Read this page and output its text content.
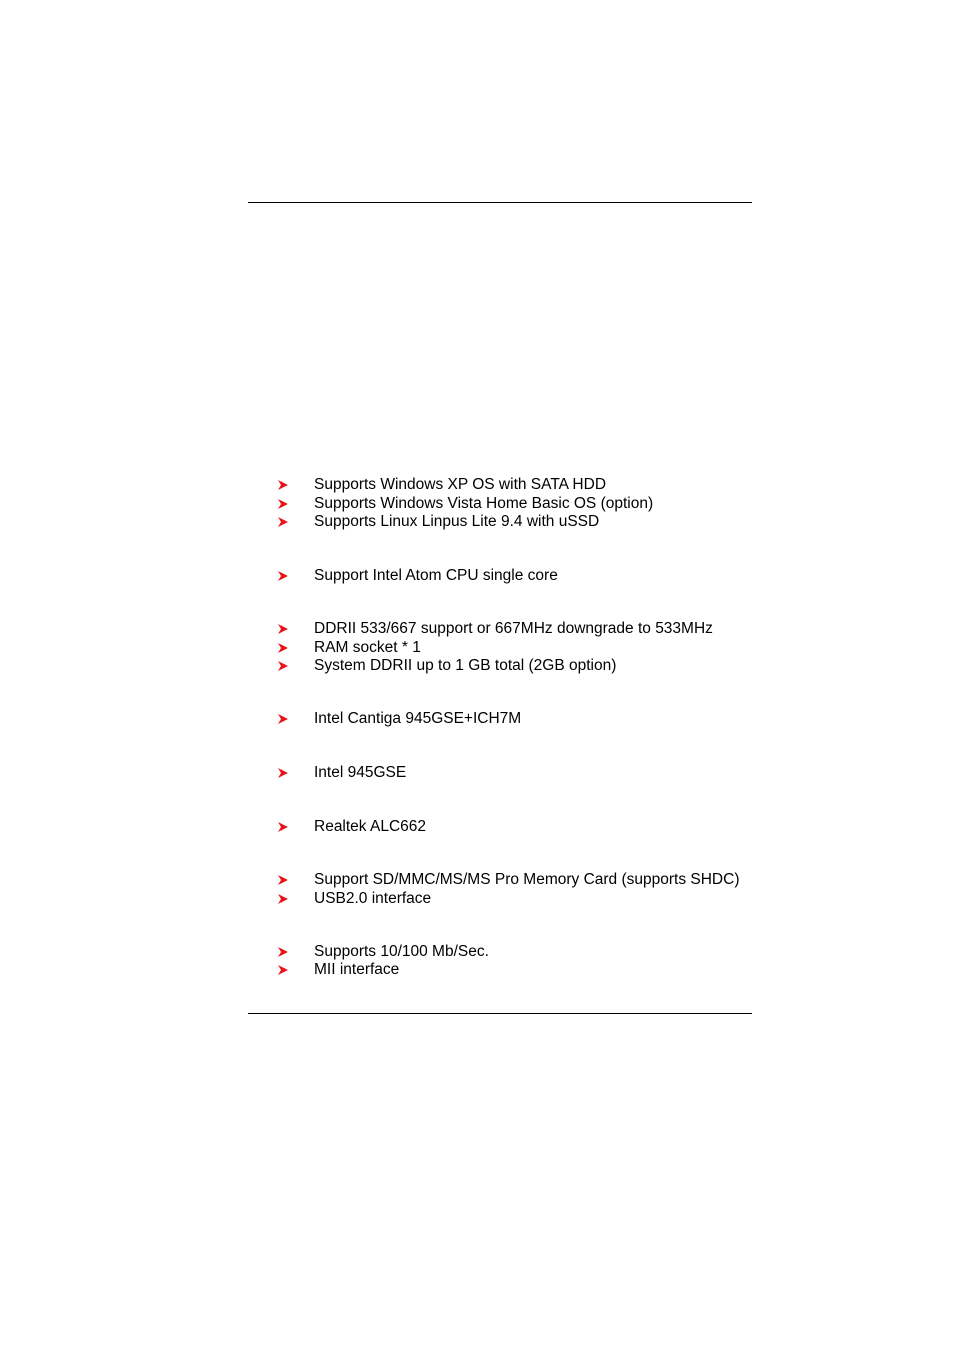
Supports Windows XP OS with SATA HDD
Supports Windows Vista Home Basic OS (option)
Supports Linux Linpus Lite 9.4 with uSSD
Support Intel Atom CPU single core
DDRII 533/667 support or 667MHz downgrade to 533MHz
RAM socket * 1
System DDRII up to 1 GB total (2GB option)
Intel Cantiga 945GSE+ICH7M
Intel 945GSE
Realtek ALC662
Support SD/MMC/MS/MS Pro Memory Card (supports SHDC)
USB2.0 interface
Supports 10/100 Mb/Sec.
MII interface
